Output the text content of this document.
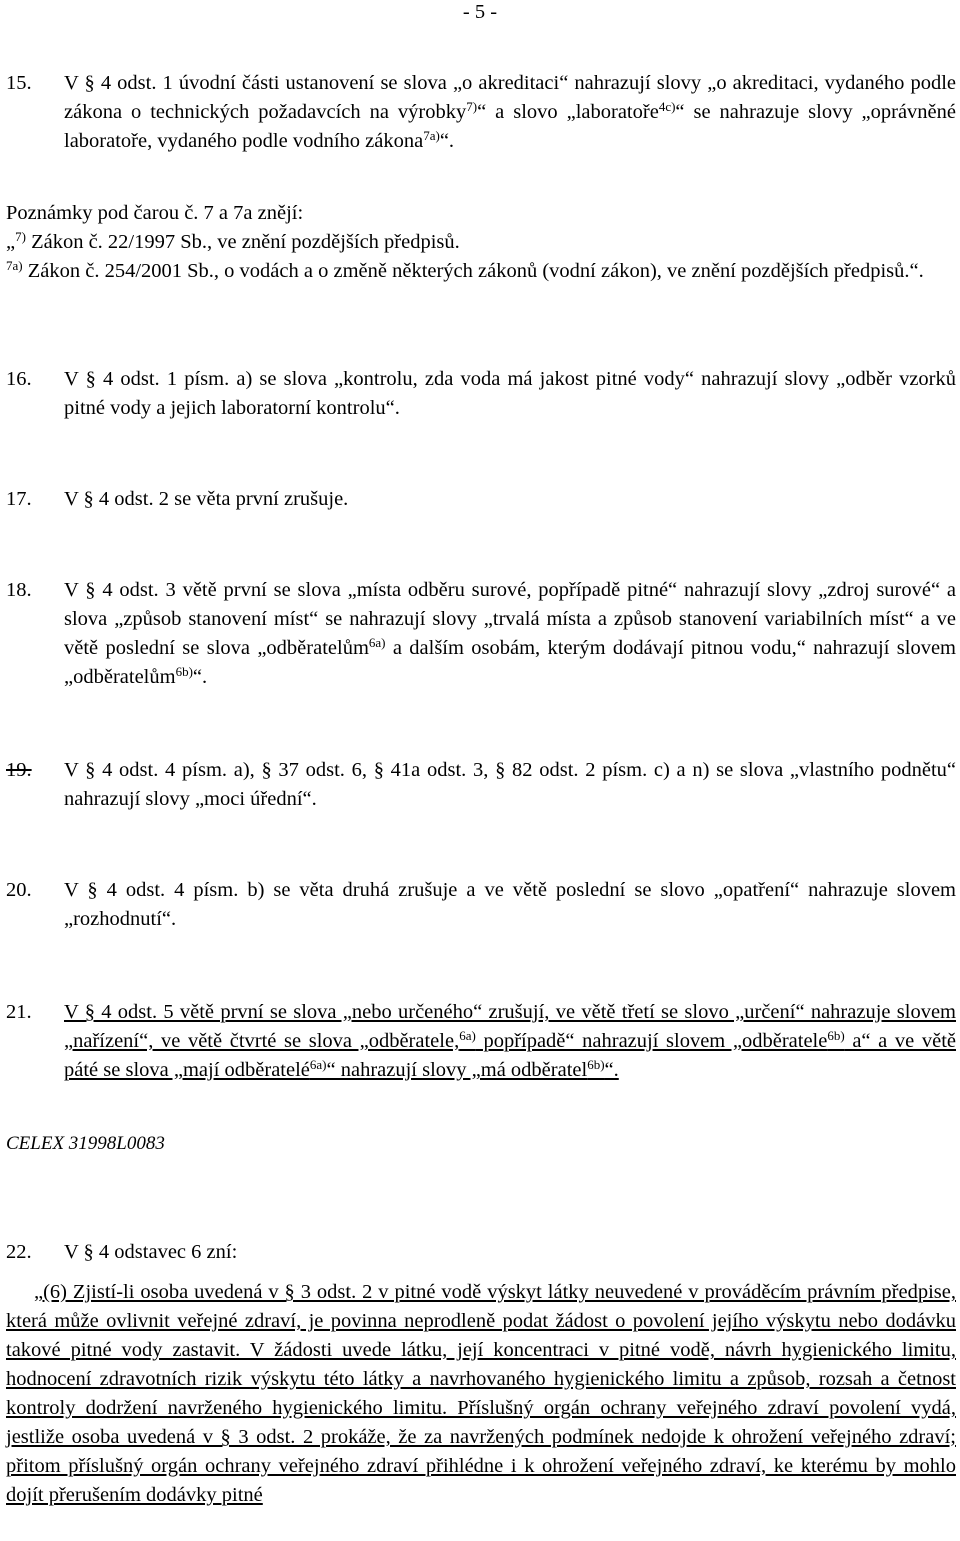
- 5 -
15. V § 4 odst. 1 úvodní části ustanovení se slova „o akreditaci“ nahrazují slovy „o akreditaci, vydaného podle zákona o technických požadavcích na výrobky$^{7)}$“ a slovo „laboratoře$^{4c)}$“ se nahrazuje slovy „oprávněné laboratoře, vydaného podle vodního zákona$^{7a)}$“.
Poznámky pod čarou č. 7 a 7a znějí:
„$^{7)}$ Zákon č. 22/1997 Sb., ve znění pozdějších předpisů.
$^{7a)}$ Zákon č. 254/2001 Sb., o vodách a o změně některých zákonů (vodní zákon), ve znění pozdějších předpisů.“.
16. V § 4 odst. 1 písm. a) se slova „kontrolu, zda voda má jakost pitné vody“ nahrazují slovy „odběr vzorků pitné vody a jejich laboratorní kontrolu“.
17. V § 4 odst. 2 se věta první zrušuje.
18. V § 4 odst. 3 větě první se slova „místa odběru surové, popřípadě pitné“ nahrazují slovy „zdroj surové“ a slova „způsob stanovení míst“ se nahrazují slovy „trvalá místa a způsob stanovení variabilních míst“ a ve větě poslední se slova „odběratelům$^{6a)}$ a dalším osobám, kterým dodávají pitnou vodu,“ nahrazují slovem „odběratelům$^{6b)}$“.
19. V § 4 odst. 4 písm. a), § 37 odst. 6, § 41a odst. 3, § 82 odst. 2 písm. c) a n) se slova „vlastního podnětu“ nahrazují slovy „moci úřední“.
20. V § 4 odst. 4 písm. b) se věta druhá zrušuje a ve větě poslední se slovo „opatření“ nahrazuje slovem „rozhodnutí“.
21. V § 4 odst. 5 větě první se slova „nebo určeného“ zrušují, ve větě třetí se slovo „určení“ nahrazuje slovem „nařízení“, ve větě čtvrté se slova „odběratele,$^{6a)}$ popřípadě“ nahrazují slovem „odběratele$^{6b)}$ a“ a ve větě páté se slova „mají odběratelé$^{6a)}$“ nahrazují slovy „má odběratel$^{6b)}$“.
CELEX 31998L0083
22. V § 4 odstavec 6 zní:
„(6) Zjistí-li osoba uvedená v § 3 odst. 2 v pitné vodě výskyt látky neuvedené v prováděcím právním předpise, která může ovlivnit veřejné zdraví, je povinna neprodleně podat žádost o povolení jejího výskytu nebo dodávku takové pitné vody zastavit. V žádosti uvede látku, její koncentraci v pitné vodě, návrh hygienického limitu, hodnocení zdravotních rizik výskytu této látky a navrhovaného hygienického limitu a způsob, rozsah a četnost kontroly dodržení navrženého hygienického limitu. Příslušný orgán ochrany veřejného zdraví povolení vydá, jestliže osoba uvedená v § 3 odst. 2 prokáže, že za navržených podmínek nedojde k ohrožení veřejného zdraví; přitom příslušný orgán ochrany veřejného zdraví přihlédne i k ohrožení veřejného zdraví, ke kterému by mohlo dojít přerušením dodávky pitné
